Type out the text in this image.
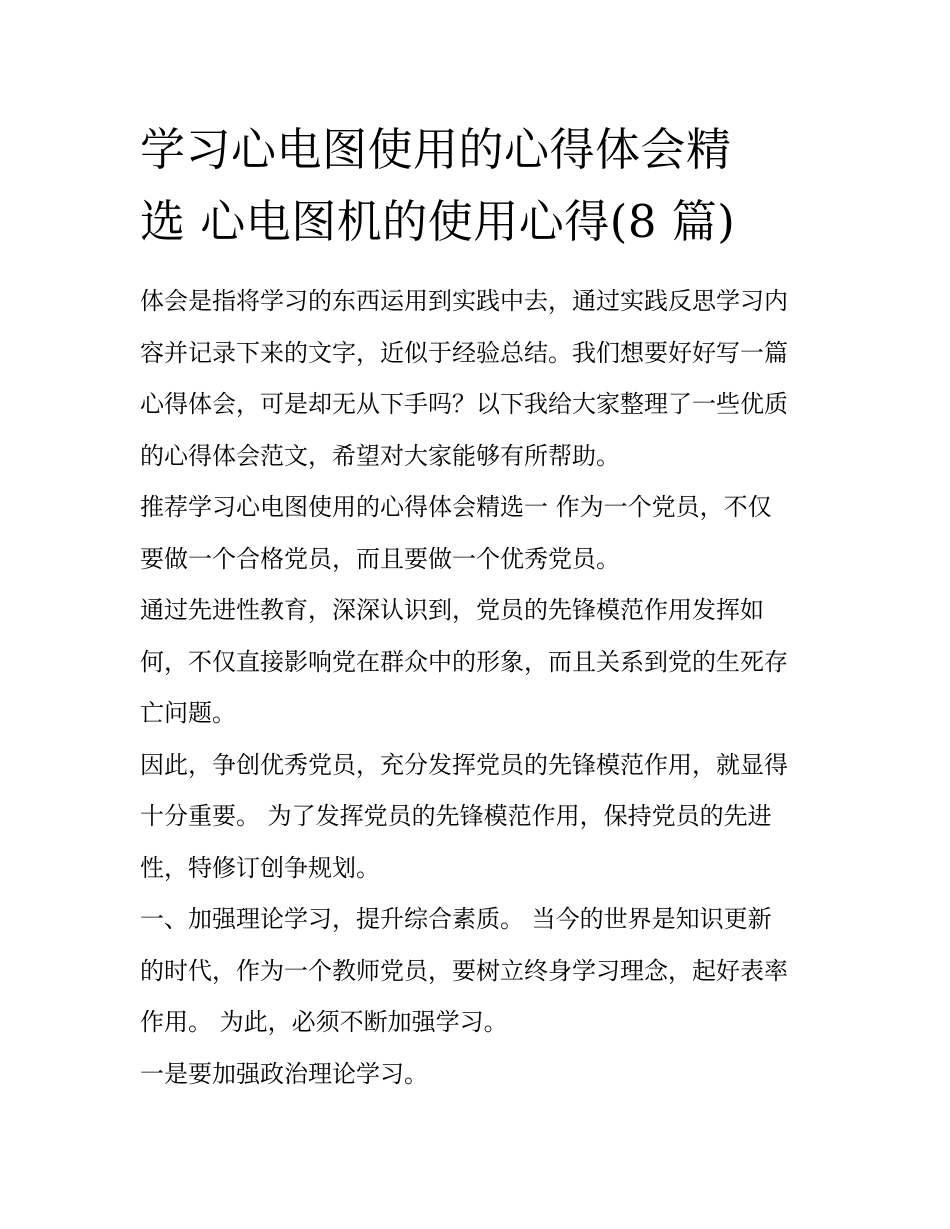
学习心电图使用的心得体会精
选 心电图机的使用心得(8 篇)

体会是指将学习的东西运用到实践中去，通过实践反思学习内
容并记录下来的文字，近似于经验总结。我们想要好好写一篇
心得体会，可是却无从下手吗？以下我给大家整理了一些优质
的心得体会范文，希望对大家能够有所帮助。

推荐学习心电图使用的心得体会精选一 作为一个党员，不仅
要做一个合格党员，而且要做一个优秀党员。

通过先进性教育，深深认识到，党员的先锋模范作用发挥如
何，不仅直接影响党在群众中的形象，而且关系到党的生死存
亡问题。

因此，争创优秀党员，充分发挥党员的先锋模范作用，就显得
十分重要。 为了发挥党员的先锋模范作用，保持党员的先进
性，特修订创争规划。

一、加强理论学习，提升综合素质。 当今的世界是知识更新
的时代，作为一个教师党员，要树立终身学习理念，起好表率
作用。 为此，必须不断加强学习。

一是要加强政治理论学习。
